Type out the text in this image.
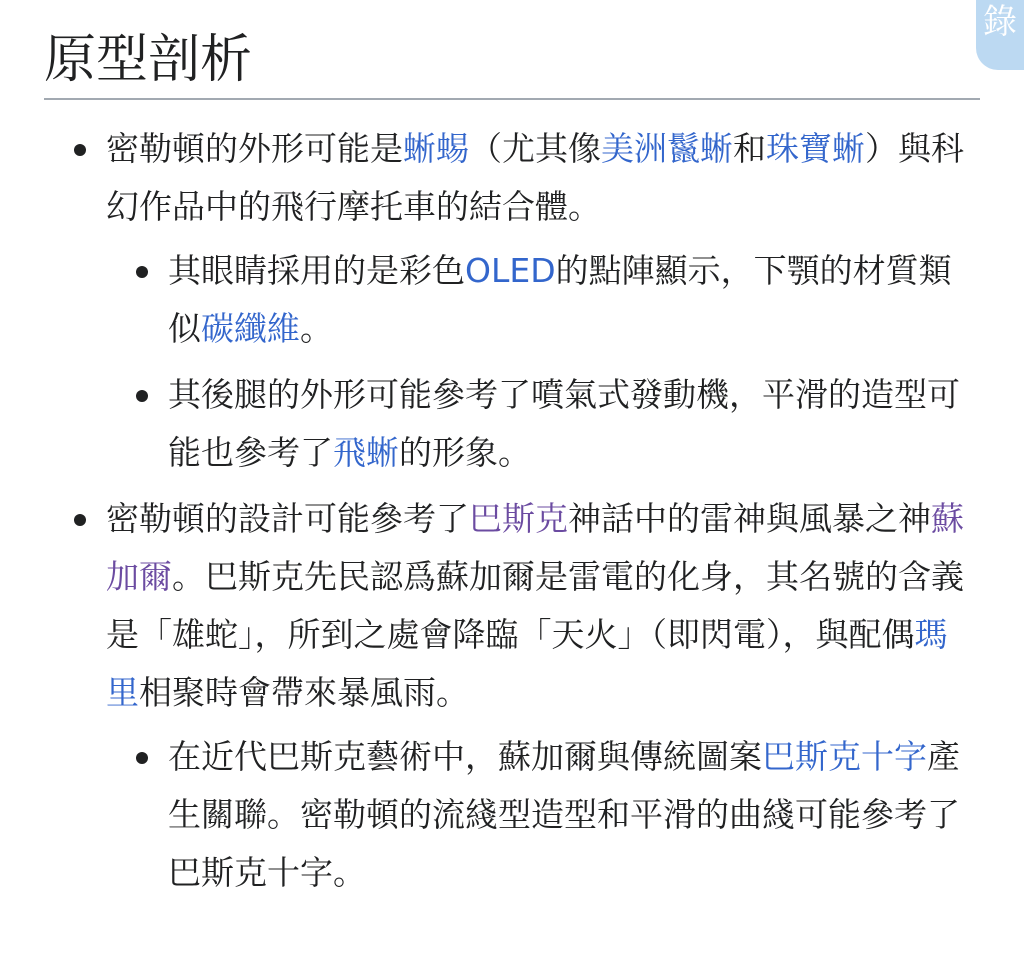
錄
原型剖析
密勒頓的外形可能是蜥蜴（尤其像美洲鬣蜥和珠寶蜥）與科幻作品中的飛行摩托車的結合體。
其眼睛採用的是彩色OLED的點陣顯示，下顎的材質類似碳纖維。
其後腿的外形可能參考了噴氣式發動機，平滑的造型可能也參考了飛蜥的形象。
密勒頓的設計可能參考了巴斯克神話中的雷神與風暴之神蘇加爾。巴斯克先民認爲蘇加爾是雷電的化身，其名號的含義是「雄蛇」，所到之處會降臨「天火」（即閃電），與配偶瑪里相聚時會帶來暴風雨。
在近代巴斯克藝術中，蘇加爾與傳統圖案巴斯克十字產生關聯。密勒頓的流綫型造型和平滑的曲綫可能參考了巴斯克十字。
